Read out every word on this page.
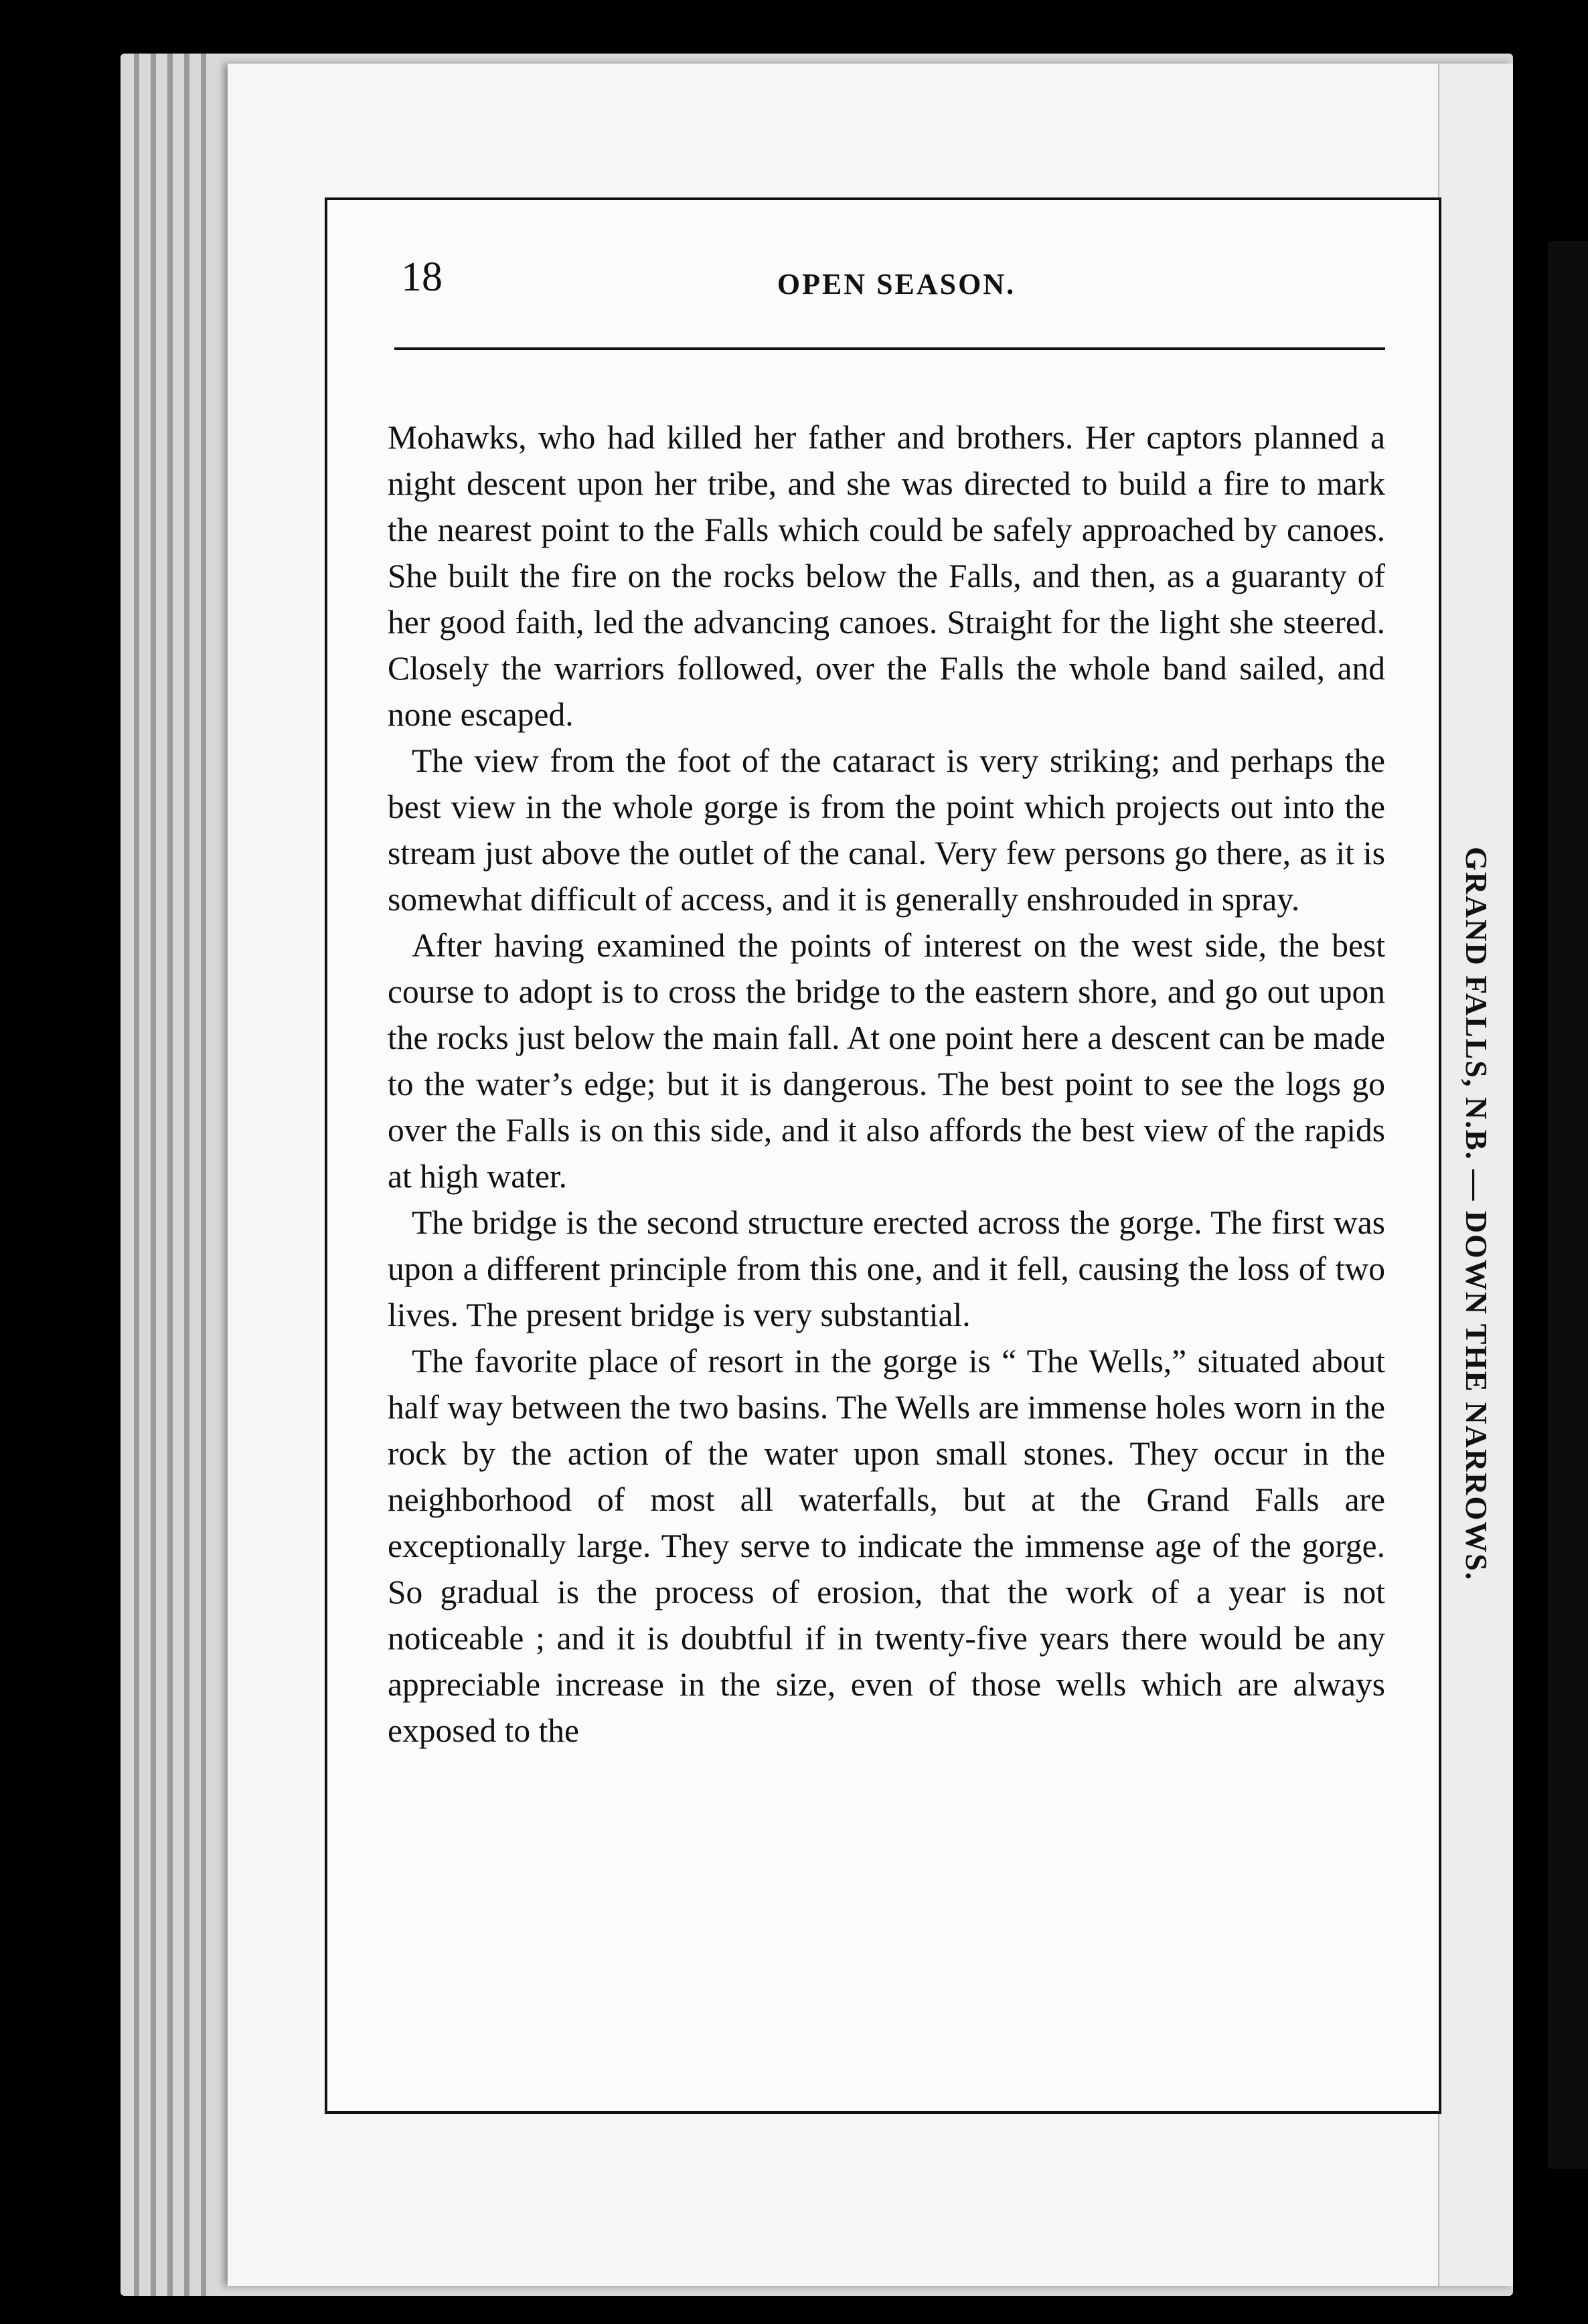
GRAND FALLS, N.B. — DOWN THE NARROWS.
18	OPEN SEASON.

Mohawks, who had killed her father and brothers. Her captors planned a night descent upon her tribe, and she was directed to build a fire to mark the nearest point to the Falls which could be safely approached by canoes. She built the fire on the rocks below the Falls, and then, as a guaranty of her good faith, led the advancing canoes. Straight for the light she steered. Closely the warriors followed, over the Falls the whole band sailed, and none escaped.

The view from the foot of the cataract is very striking; and perhaps the best view in the whole gorge is from the point which projects out into the stream just above the outlet of the canal. Very few persons go there, as it is somewhat difficult of access, and it is generally enshrouded in spray.

After having examined the points of interest on the west side, the best course to adopt is to cross the bridge to the eastern shore, and go out upon the rocks just below the main fall. At one point here a descent can be made to the water’s edge; but it is dangerous. The best point to see the logs go over the Falls is on this side, and it also affords the best view of the rapids at high water.

The bridge is the second structure erected across the gorge. The first was upon a different principle from this one, and it fell, causing the loss of two lives. The present bridge is very substantial.

The favorite place of resort in the gorge is “ The Wells,” situated about half way between the two basins. The Wells are immense holes worn in the rock by the action of the water upon small stones. They occur in the neighborhood of most all waterfalls, but at the Grand Falls are exceptionally large. They serve to indicate the immense age of the gorge. So gradual is the process of erosion, that the work of a year is not noticeable ; and it is doubtful if in twenty-five years there would be any appreciable increase in the size, even of those wells which are always exposed to the
